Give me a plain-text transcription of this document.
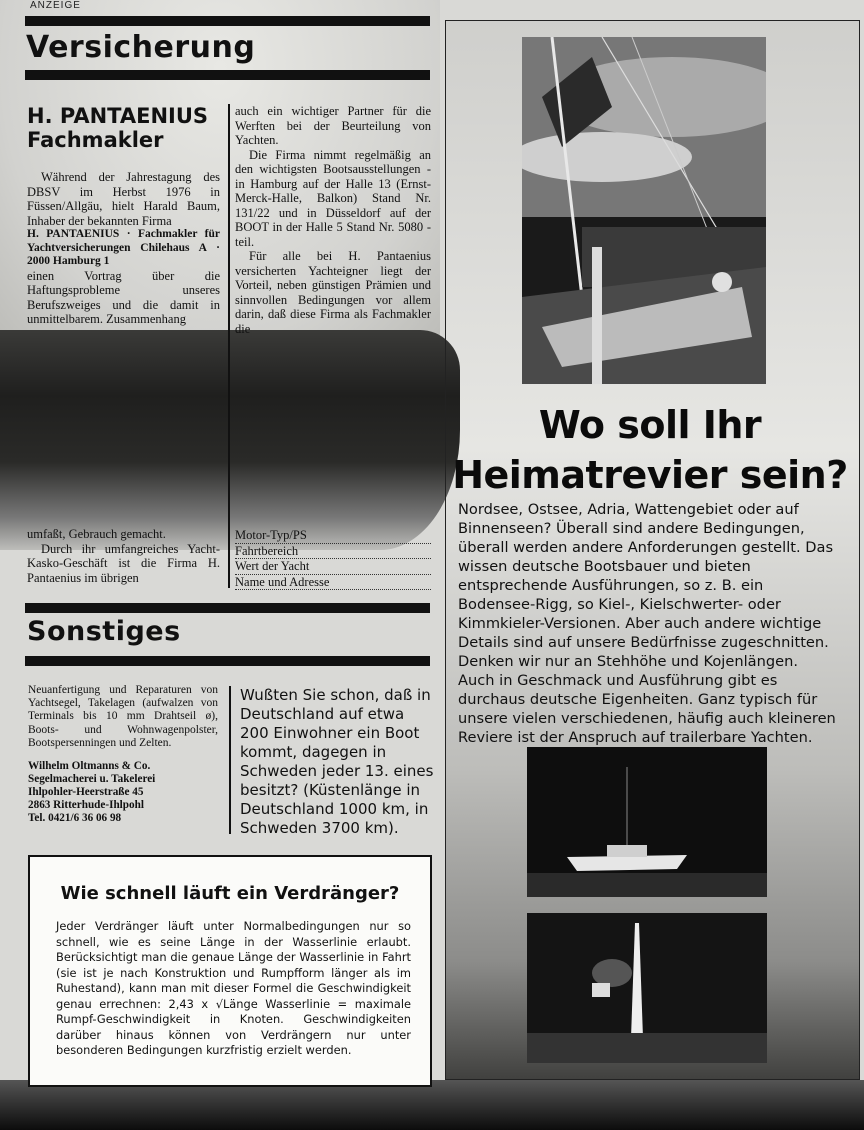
ANZEIGE
Versicherung
H. PANTAENIUS
Fachmakler

Während der Jahrestagung des DBSV im Herbst 1976 in Füssen/Allgäu, hielt Harald Baum, Inhaber der bekannten Firma

H. PANTAENIUS · Fachmakler für Yachtversicherungen Chilehaus A · 2000 Hamburg 1

einen Vortrag über die Haftungsprobleme unseres Berufszweiges und die damit in unmittelbarem. Zusammenhang

umfaßt, Gebrauch gemacht.

Durch ihr umfangreiches Yacht-Kasko-Geschäft ist die Firma H. Pantaenius im übrigen

auch ein wichtiger Partner für die Werften bei der Beurteilung von Yachten.

Die Firma nimmt regelmäßig an den wichtigsten Bootsausstellungen - in Hamburg auf der Halle 13 (Ernst-Merck-Halle, Balkon) Stand Nr. 131/22 und in Düsseldorf auf der BOOT in der Halle 5 Stand Nr. 5080 - teil.

Für alle bei H. Pantaenius versicherten Yachteigner liegt der Vorteil, neben günstigen Prämien und sinnvollen Bedingungen vor allem darin, daß diese Firma als Fachmakler die

Motor-Typ/PS
Fahrtbereich
Wert der Yacht
Name und Adresse
Sonstiges
Neuanfertigung und Reparaturen von Yachtsegel, Takelagen (aufwalzen von Terminals bis 10 mm Drahtseil ø), Boots- und Wohnwagenpolster, Bootspersenningen und Zelten.
Wilhelm Oltmanns & Co.
Segelmacherei u. Takelerei
Ihlpohler-Heerstraße 45
2863 Ritterhude-Ihlpohl
Tel. 0421/6 36 06 98
Wußten Sie schon, daß in Deutschland auf etwa 200 Einwohner ein Boot kommt, dagegen in Schweden jeder 13. eines besitzt? (Küstenlänge in Deutschland 1000 km, in Schweden 3700 km).
Wie schnell läuft ein Verdränger?
Jeder Verdränger läuft unter Normalbedingungen nur so schnell, wie es seine Länge in der Wasserlinie erlaubt. Berücksichtigt man die genaue Länge der Wasserlinie in Fahrt (sie ist je nach Konstruktion und Rumpfform länger als im Ruhestand), kann man mit dieser Formel die Geschwindigkeit genau errechnen: 2,43 x √Länge Wasserlinie = maximale Rumpf-Geschwindigkeit in Knoten. Geschwindigkeiten darüber hinaus können von Verdrängern nur unter besonderen Bedingungen kurzfristig erzielt werden.
Wo soll Ihr
Heimatrevier sein?
Nordsee, Ostsee, Adria, Wattengebiet oder auf Binnenseen? Überall sind andere Bedingungen, überall werden andere Anforderungen gestellt. Das wissen deutsche Bootsbauer und bieten entsprechende Ausführungen, so z. B. ein Bodensee-Rigg, so Kiel-, Kielschwerter- oder Kimmkieler-Versionen. Aber auch andere wichtige Details sind auf unsere Bedürfnisse zugeschnitten. Denken wir nur an Stehhöhe und Kojenlängen. Auch in Geschmack und Ausführung gibt es durchaus deutsche Eigenheiten. Ganz typisch für unsere vielen verschiedenen, häufig auch kleineren Reviere ist der Anspruch auf trailerbare Yachten.
